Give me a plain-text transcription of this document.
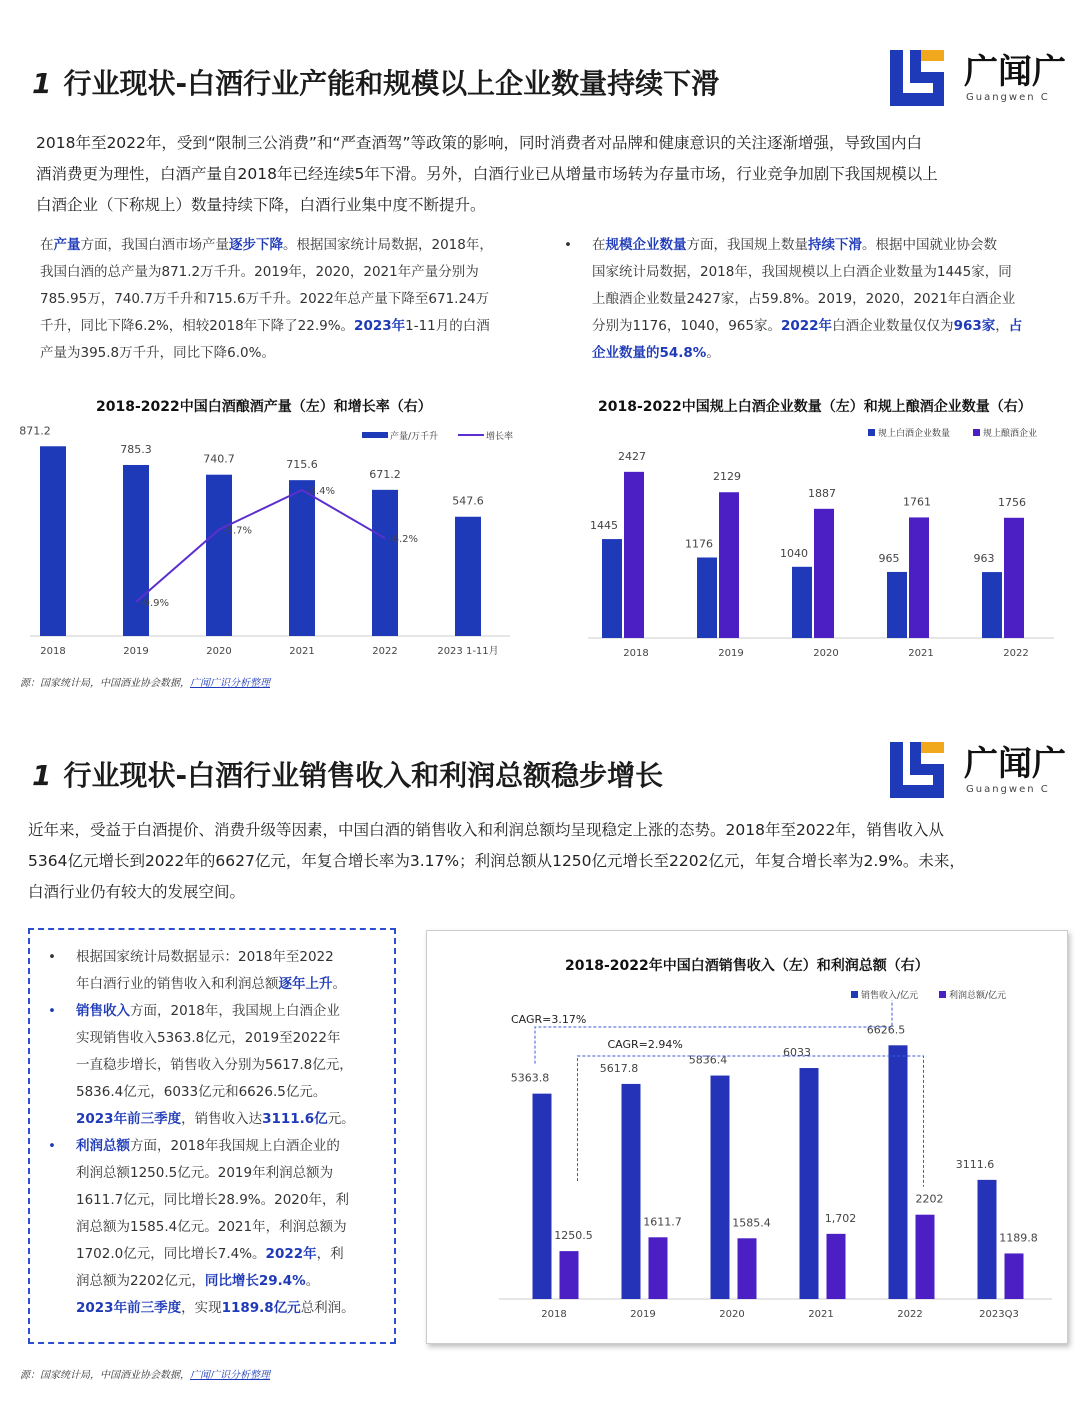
1 行业现状-白酒行业产能和规模以上企业数量持续下滑	广闻广
Guangwen C
2018年至2022年，受到“限制三公消费”和“严查酒驾”等政策的影响，同时消费者对品牌和健康意识的关注逐渐增强，导致国内白
酒消费更为理性，白酒产量自2018年已经连续5年下滑。另外，白酒行业已从增量市场转为存量市场，行业竞争加剧下我国规模以上
白酒企业（下称规上）数量持续下降，白酒行业集中度不断提升。
在产量方面，我国白酒市场产量逐步下降。根据国家统计局数据，2018年，
我国白酒的总产量为871.2万千升。2019年，2020，2021年产量分别为
785.95万，740.7万千升和715.6万千升。2022年总产量下降至671.24万
千升，同比下降6.2%，相较2018年下降了22.9%。2023年1-11月的白酒
产量为395.8万千升，同比下降6.0%。
• 在规模企业数量方面，我国规上数量持续下滑。根据中国就业协会数
国家统计局数据，2018年，我国规模以上白酒企业数量为1445家，同
上酿酒企业数量2427家，占59.8%。2019，2020，2021年白酒企业
分别为1176，1040，965家。2022年白酒企业数量仅仅为963家，占
企业数量的54.8%。
2018-2022中国白酒酿酒产量（左）和增长率（右）
产量/万千升	增长率
871.2
2018
785.3
2019
740.7
2020
715.6
2021
671.2
2022
547.6
2023 1-11月
-9.9%
-5.7%
-3.4%
-6.2%
2018-2022中国规上白酒企业数量（左）和规上酿酒企业数量（右）
规上白酒企业数量	规上酿酒企业
1445
2427
2018
1176
2129
2019
1040
1887
2020
965
1761
2021
963
1756
2022
源：国家统计局，中国酒业协会数据，广闻广识分析整理
1 行业现状-白酒行业销售收入和利润总额稳步增长	广闻广
Guangwen C
近年来，受益于白酒提价、消费升级等因素，中国白酒的销售收入和利润总额均呈现稳定上涨的态势。2018年至2022年，销售收入从
5364亿元增长到2022年的6627亿元，年复合增长率为3.17%；利润总额从1250亿元增长至2202亿元，年复合增长率为2.9%。未来，
白酒行业仍有较大的发展空间。
• 根据国家统计局数据显示：2018年至2022
年白酒行业的销售收入和利润总额逐年上升。
• 销售收入方面，2018年，我国规上白酒企业
实现销售收入5363.8亿元，2019至2022年
一直稳步增长，销售收入分别为5617.8亿元，
5836.4亿元，6033亿元和6626.5亿元。
2023年前三季度，销售收入达3111.6亿元。
• 利润总额方面，2018年我国规上白酒企业的
利润总额1250.5亿元。2019年利润总额为
1611.7亿元，同比增长28.9%。2020年，利
润总额为1585.4亿元。2021年，利润总额为
1702.0亿元，同比增长7.4%。2022年，利
润总额为2202亿元，同比增长29.4%。
2023年前三季度，实现1189.8亿元总利润。
2018-2022年中国白酒销售收入（左）和利润总额（右）
销售收入/亿元	利润总额/亿元
5363.8
1250.5
2018
5617.8
1611.7
2019
5836.4
1585.4
2020
6033
1,702
2021
6626.5
2202
2022
3111.6
1189.8
2023Q3
CAGR=3.17%
CAGR=2.94%
源：国家统计局，中国酒业协会数据，广闻广识分析整理
